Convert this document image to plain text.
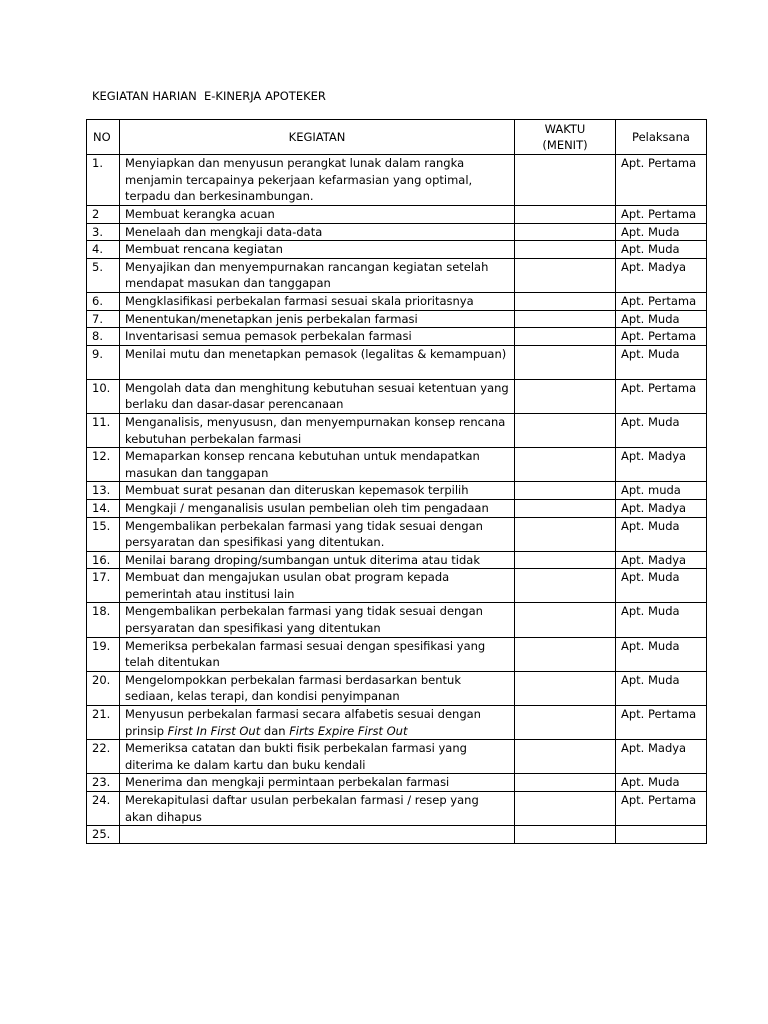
KEGIATAN HARIAN  E-KINERJA APOTEKER
NO	KEGIATAN	WAKTU (MENIT)	Pelaksana
1.	Menyiapkan dan menyusun perangkat lunak dalam rangka menjamin tercapainya pekerjaan kefarmasian yang optimal, terpadu dan berkesinambungan.		Apt. Pertama
2	Membuat kerangka acuan		Apt. Pertama
3.	Menelaah dan mengkaji data-data		Apt. Muda
4.	Membuat rencana kegiatan		Apt. Muda
5.	Menyajikan dan menyempurnakan rancangan kegiatan setelah mendapat masukan dan tanggapan		Apt. Madya
6.	Mengklasifikasi perbekalan farmasi sesuai skala prioritasnya		Apt. Pertama
7.	Menentukan/menetapkan jenis perbekalan farmasi		Apt. Muda
8.	Inventarisasi semua pemasok perbekalan farmasi		Apt. Pertama
9.	Menilai mutu dan menetapkan pemasok (legalitas & kemampuan)		Apt. Muda
10.	Mengolah data dan menghitung kebutuhan sesuai ketentuan yang berlaku dan dasar-dasar perencanaan		Apt. Pertama
11.	Menganalisis, menyususn, dan menyempurnakan konsep rencana kebutuhan perbekalan farmasi		Apt. Muda
12.	Memaparkan konsep rencana kebutuhan untuk mendapatkan masukan dan tanggapan		Apt. Madya
13.	Membuat surat pesanan dan diteruskan kepemasok terpilih		Apt. muda
14.	Mengkaji / menganalisis usulan pembelian oleh tim pengadaan		Apt. Madya
15.	Mengembalikan perbekalan farmasi yang tidak sesuai dengan persyaratan dan spesifikasi yang ditentukan.		Apt. Muda
16.	Menilai barang droping/sumbangan untuk diterima atau tidak		Apt. Madya
17.	Membuat dan mengajukan usulan obat program kepada pemerintah atau institusi lain		Apt. Muda
18.	Mengembalikan perbekalan farmasi yang tidak sesuai dengan persyaratan dan spesifikasi yang ditentukan		Apt. Muda
19.	Memeriksa perbekalan farmasi sesuai dengan spesifikasi yang telah ditentukan		Apt. Muda
20.	Mengelompokkan perbekalan farmasi berdasarkan bentuk sediaan, kelas terapi, dan kondisi penyimpanan		Apt. Muda
21.	Menyusun perbekalan farmasi secara alfabetis sesuai dengan prinsip First In First Out dan Firts Expire First Out		Apt. Pertama
22.	Memeriksa catatan dan bukti fisik perbekalan farmasi yang diterima ke dalam kartu dan buku kendali		Apt. Madya
23.	Menerima dan mengkaji permintaan perbekalan farmasi		Apt. Muda
24.	Merekapitulasi daftar usulan perbekalan farmasi / resep yang akan dihapus		Apt. Pertama
25.			
